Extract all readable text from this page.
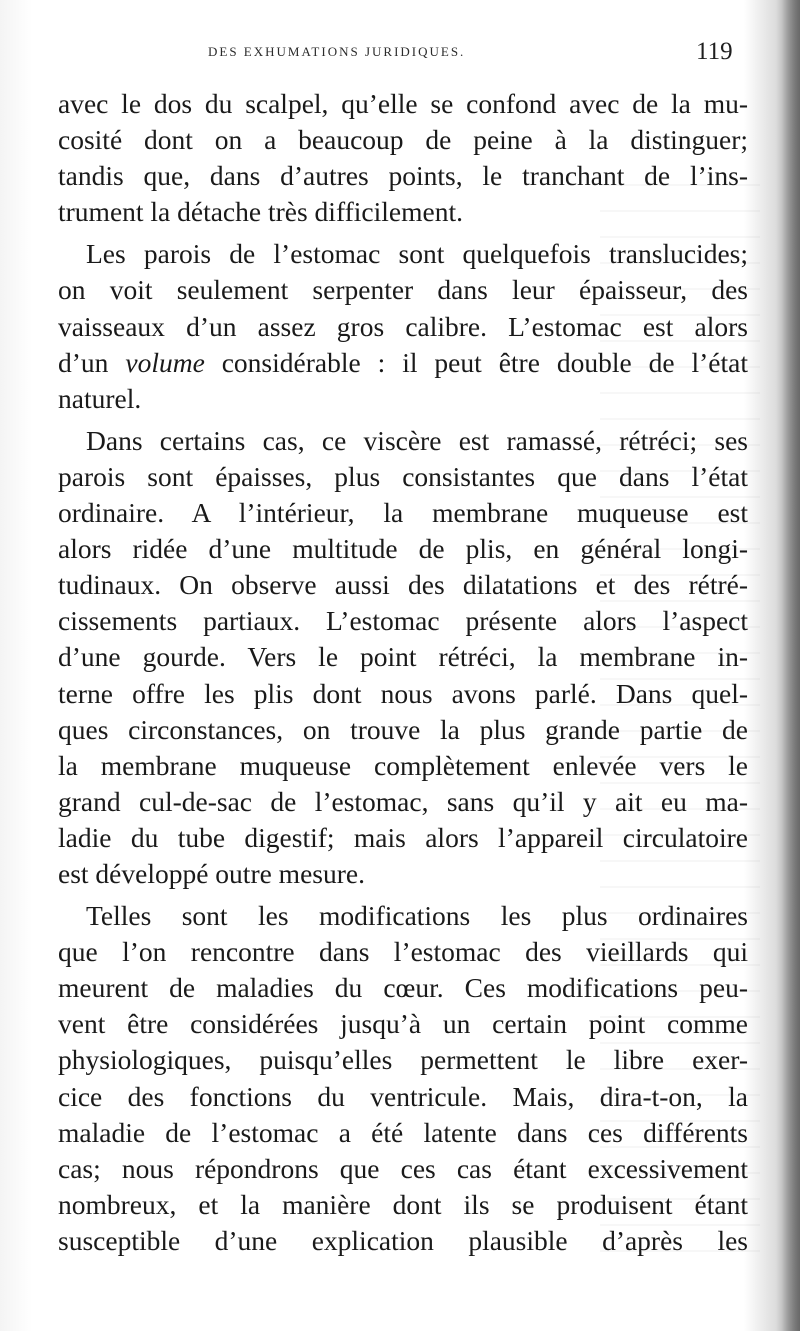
DES EXHUMATIONS JURIDIQUES.	119
avec le dos du scalpel, qu’elle se confond avec de la mu-
cosité dont on a beaucoup de peine à la distinguer;
tandis que, dans d’autres points, le tranchant de l’ins-
trument la détache très difficilement.
Les parois de l’estomac sont quelquefois translucides;
on voit seulement serpenter dans leur épaisseur, des
vaisseaux d’un assez gros calibre. L’estomac est alors
d’un volume considérable : il peut être double de l’état
naturel.
Dans certains cas, ce viscère est ramassé, rétréci; ses
parois sont épaisses, plus consistantes que dans l’état
ordinaire. A l’intérieur, la membrane muqueuse est
alors ridée d’une multitude de plis, en général longi-
tudinaux. On observe aussi des dilatations et des rétré-
cissements partiaux. L’estomac présente alors l’aspect
d’une gourde. Vers le point rétréci, la membrane in-
terne offre les plis dont nous avons parlé. Dans quel-
ques circonstances, on trouve la plus grande partie de
la membrane muqueuse complètement enlevée vers le
grand cul-de-sac de l’estomac, sans qu’il y ait eu ma-
ladie du tube digestif; mais alors l’appareil circulatoire
est développé outre mesure.
Telles sont les modifications les plus ordinaires
que l’on rencontre dans l’estomac des vieillards qui
meurent de maladies du cœur. Ces modifications peu-
vent être considérées jusqu’à un certain point comme
physiologiques, puisqu’elles permettent le libre exer-
cice des fonctions du ventricule. Mais, dira-t-on, la
maladie de l’estomac a été latente dans ces différents
cas; nous répondrons que ces cas étant excessivement
nombreux, et la manière dont ils se produisent étant
susceptible d’une explication plausible d’après les
